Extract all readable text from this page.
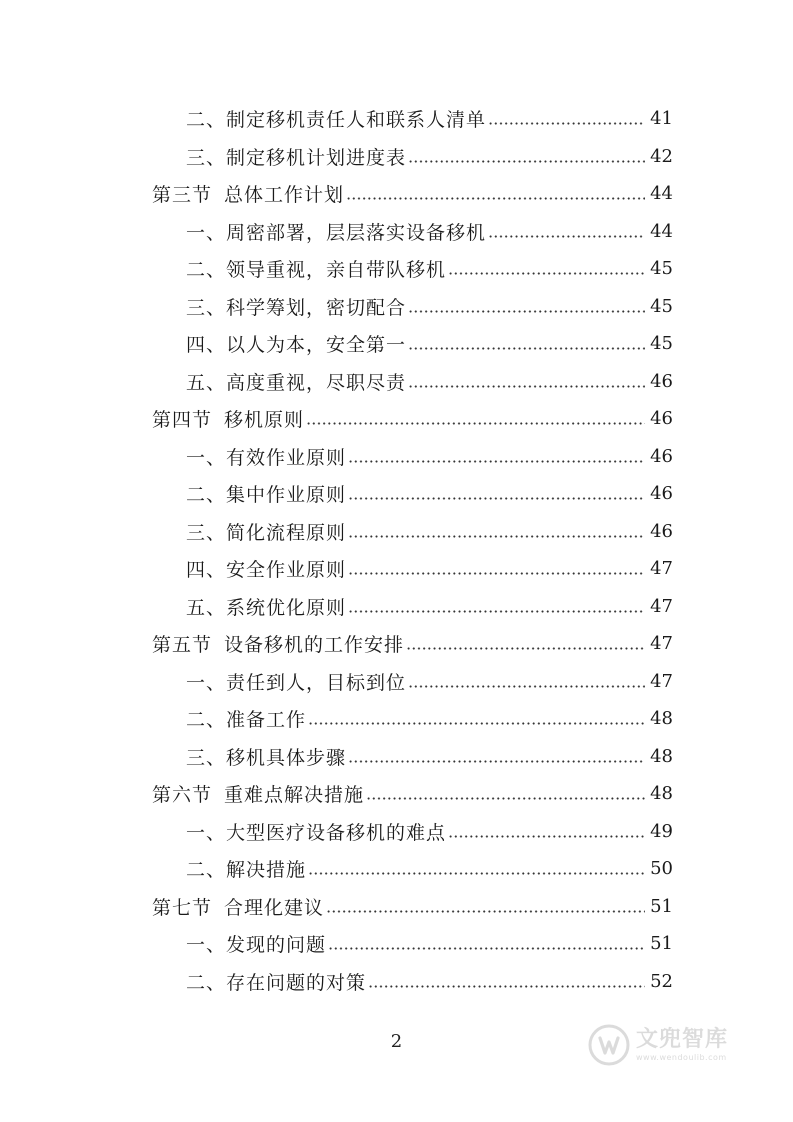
二、制定移机责任人和联系人清单	41
三、制定移机计划进度表	42
第三节 总体工作计划	44
一、周密部署，层层落实设备移机	44
二、领导重视，亲自带队移机	45
三、科学筹划，密切配合	45
四、以人为本，安全第一	45
五、高度重视，尽职尽责	46
第四节 移机原则	46
一、有效作业原则	46
二、集中作业原则	46
三、简化流程原则	46
四、安全作业原则	47
五、系统优化原则	47
第五节 设备移机的工作安排	47
一、责任到人，目标到位	47
二、准备工作	48
三、移机具体步骤	48
第六节 重难点解决措施	48
一、大型医疗设备移机的难点	49
二、解决措施	50
第七节 合理化建议	51
一、发现的问题	51
二、存在问题的对策	52
2	文兜智库
www.wendoulib.com
